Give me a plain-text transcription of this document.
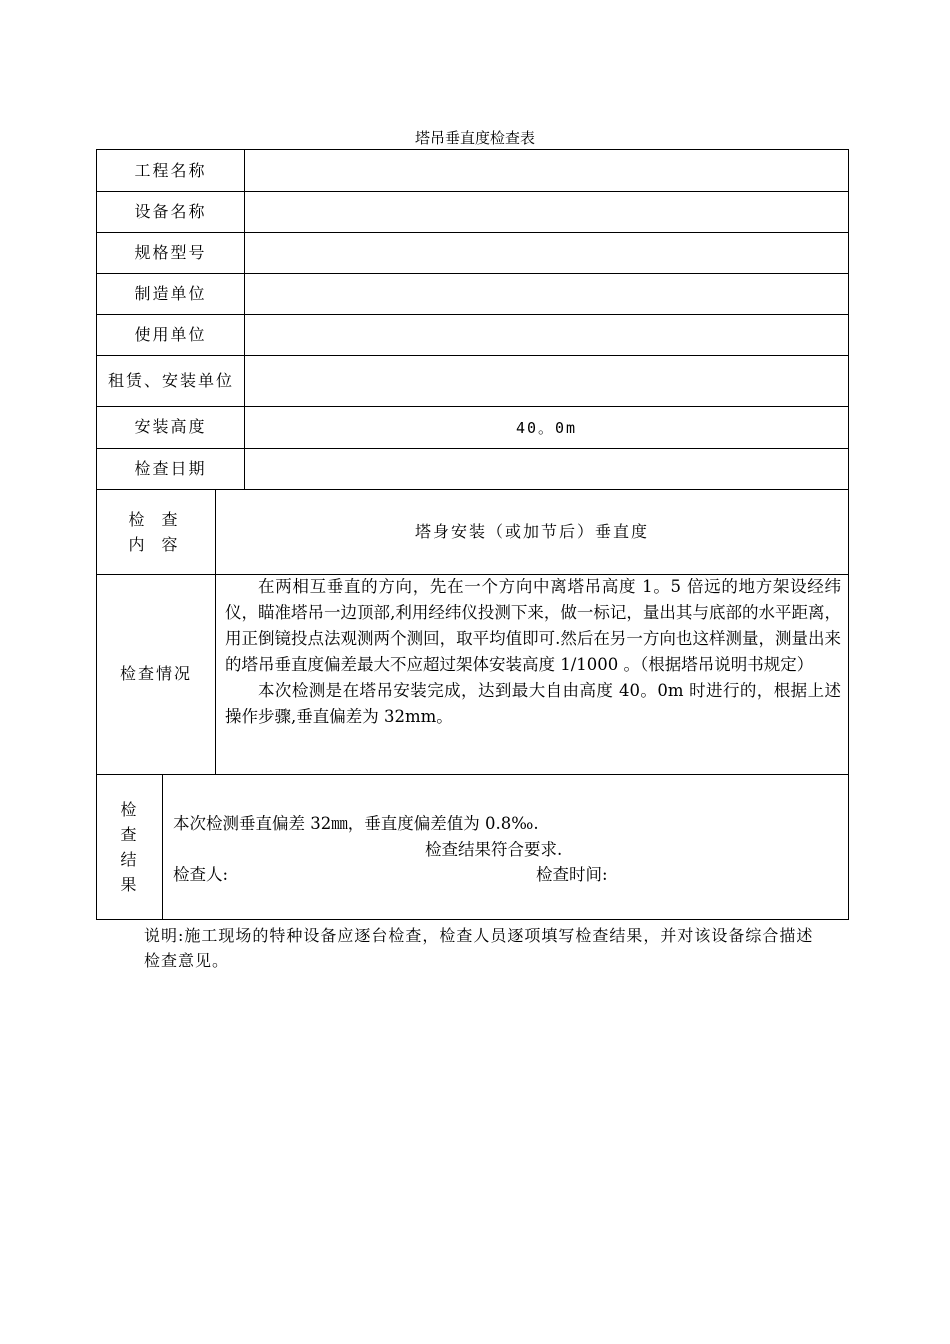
塔吊垂直度检查表
工程名称
设备名称
规格型号
制造单位
使用单位
租赁、安装单位
安装高度
检查日期
40。0m
检 查
内 容
塔身安装（或加节后）垂直度
检查情况

在两相互垂直的方向，先在一个方向中离塔吊高度 1。5 倍远的地方架设经纬仪，瞄准塔吊一边顶部,利用经纬仪投测下来，做一标记，量出其与底部的水平距离，用正倒镜投点法观测两个测回，取平均值即可.然后在另一方向也这样测量，测量出来的塔吊垂直度偏差最大不应超过架体安装高度 1/1000 。（根据塔吊说明书规定）

本次检测是在塔吊安装完成，达到最大自由高度 40。0m 时进行的，根据上述操作步骤,垂直偏差为 32mm。

检
查
结
果
本次检测垂直偏差 32㎜，垂直度偏差值为 0.8‰.
检查结果符合要求.
检查人:	检查时间:
说明:施工现场的特种设备应逐台检查，检查人员逐项填写检查结果，并对该设备综合描述检查意见。
